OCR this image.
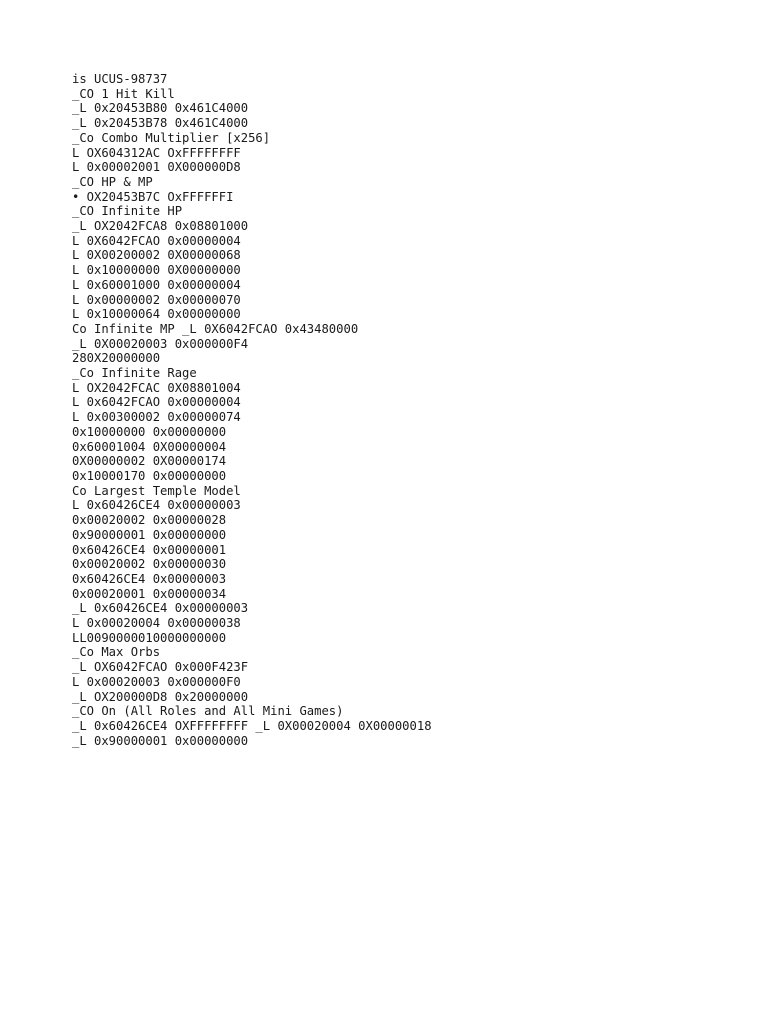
is UCUS-98737
_CO 1 Hit Kill
_L 0x20453B80 0x461C4000
_L 0x20453B78 0x461C4000
_Co Combo Multiplier [x256]
L OX604312AC OxFFFFFFFF
L 0x00002001 0X000000D8
_CO HP & MP
• OX20453B7C OxFFFFFFI
_CO Infinite HP
_L OX2042FCA8 0x08801000
L 0X6042FCAO 0x00000004
L 0X00200002 0X00000068
L 0x10000000 0X00000000
L 0x60001000 0x00000004
L 0x00000002 0x00000070
L 0x10000064 0x00000000
Co Infinite MP _L 0X6042FCAO 0x43480000
_L 0X00020003 0x000000F4
280X20000000
_Co Infinite Rage
L OX2042FCAC 0X08801004
L 0x6042FCAO 0x00000004
L 0x00300002 0x00000074
0x10000000 0x00000000
0x60001004 0X00000004
0X00000002 0X00000174
0x10000170 0x00000000
Co Largest Temple Model
L 0x60426CE4 0x00000003
0x00020002 0x00000028
0x90000001 0x00000000
0x60426CE4 0x00000001
0x00020002 0x00000030
0x60426CE4 0x00000003
0x00020001 0x00000034
_L 0x60426CE4 0x00000003
L 0x00020004 0x00000038
LL0090000010000000000
_Co Max Orbs
_L OX6042FCAO 0x000F423F
L 0x00020003 0x000000F0
_L OX200000D8 0x20000000
_CO On (All Roles and All Mini Games)
_L 0x60426CE4 OXFFFFFFFF _L 0X00020004 0X00000018
_L 0x90000001 0x00000000
